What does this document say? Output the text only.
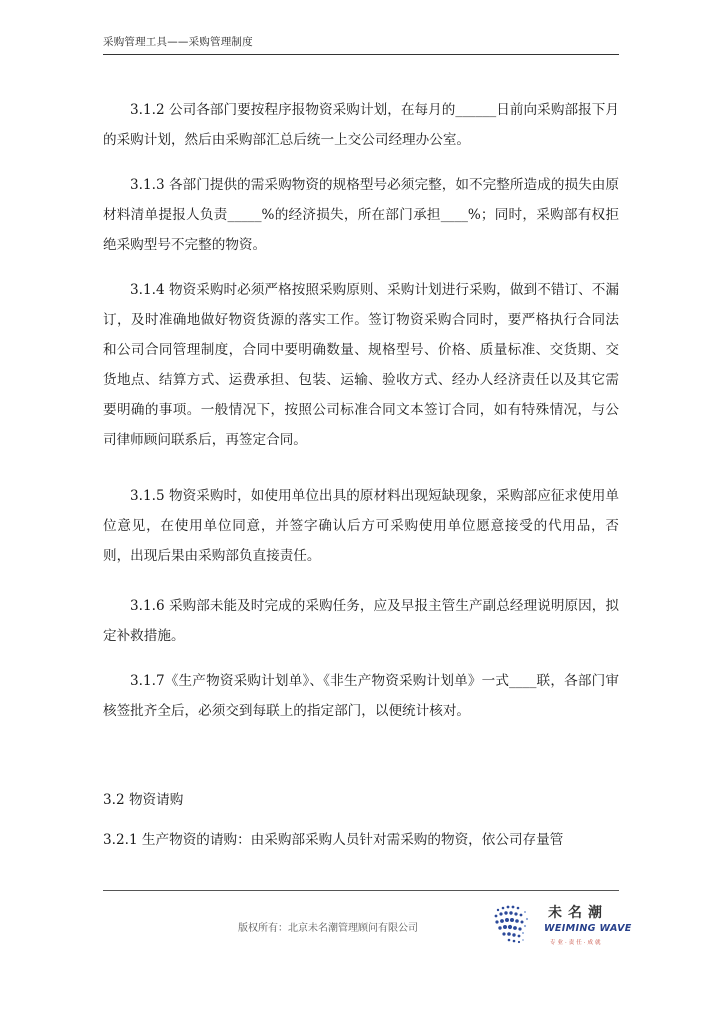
采购管理工具——采购管理制度

3.1.2 公司各部门要按程序报物资采购计划，在每月的______日前向采购部报下月的采购计划，然后由采购部汇总后统一上交公司经理办公室。

3.1.3 各部门提供的需采购物资的规格型号必须完整，如不完整所造成的损失由原材料清单提报人负责_____%的经济损失，所在部门承担____%；同时，采购部有权拒绝采购型号不完整的物资。

3.1.4 物资采购时必须严格按照采购原则、采购计划进行采购，做到不错订、不漏订，及时准确地做好物资货源的落实工作。签订物资采购合同时，要严格执行合同法和公司合同管理制度，合同中要明确数量、规格型号、价格、质量标准、交货期、交货地点、结算方式、运费承担、包装、运输、验收方式、经办人经济责任以及其它需要明确的事项。一般情况下，按照公司标准合同文本签订合同，如有特殊情况，与公司律师顾问联系后，再签定合同。

3.1.5 物资采购时，如使用单位出具的原材料出现短缺现象，采购部应征求使用单位意见，在使用单位同意，并签字确认后方可采购使用单位愿意接受的代用品，否则，出现后果由采购部负直接责任。

3.1.6 采购部未能及时完成的采购任务，应及早报主管生产副总经理说明原因，拟定补救措施。

3.1.7《生产物资采购计划单》、《非生产物资采购计划单》一式____联，各部门审核签批齐全后，必须交到每联上的指定部门，以便统计核对。

3.2 物资请购

3.2.1 生产物资的请购：由采购部采购人员针对需采购的物资，依公司存量管

版权所有：北京未名潮管理顾问有限公司
未名潮
WEIMING WAVE
专业·责任·成就
